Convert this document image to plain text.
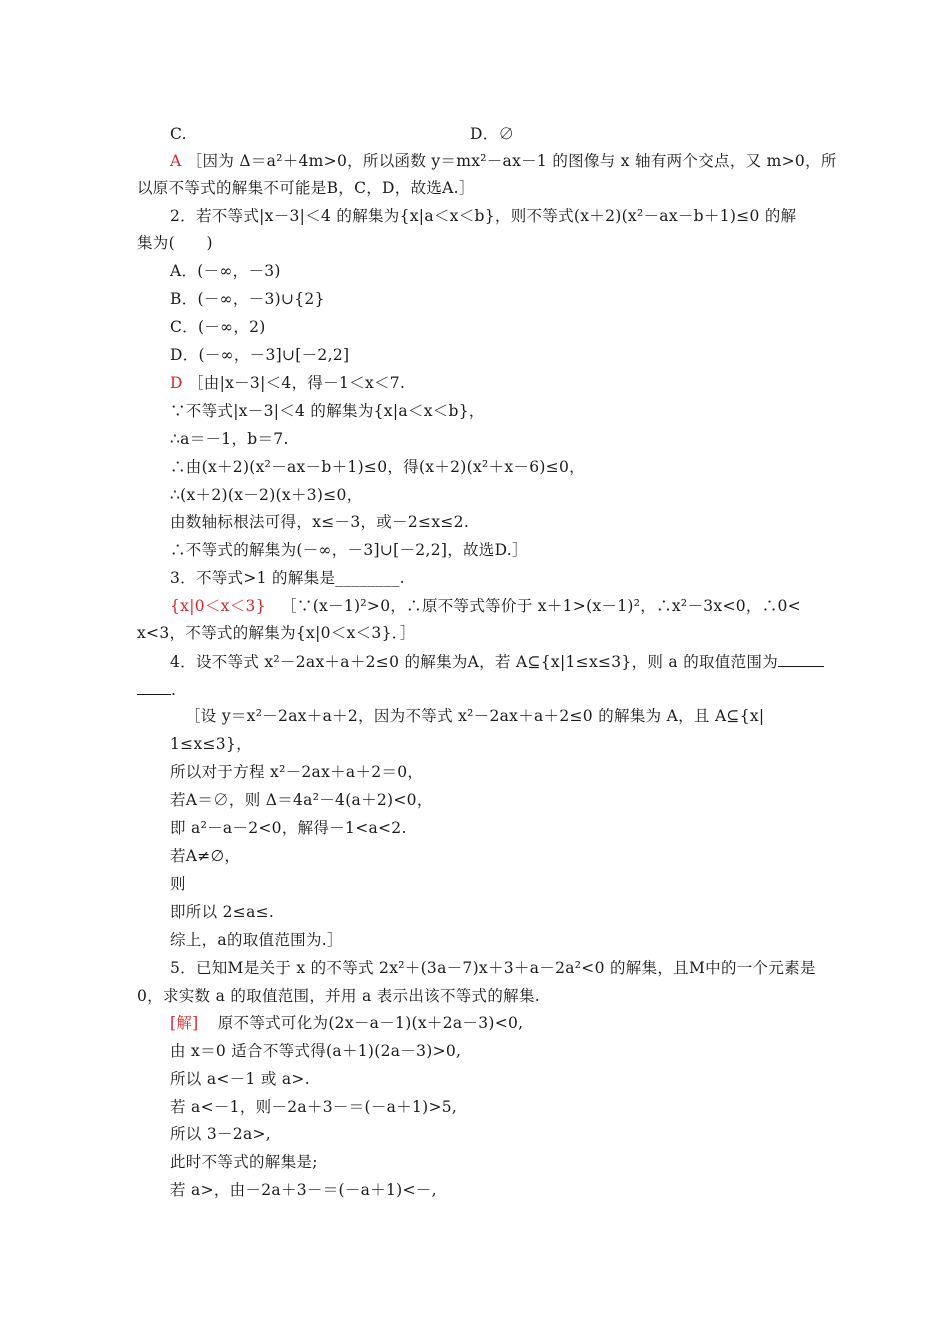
C.	D．∅
A ［因为 Δ＝a²＋4m>0，所以函数 y＝mx²－ax－1 的图像与 x 轴有两个交点，又 m>0，所
以原不等式的解集不可能是B，C，D，故选A.］
2．若不等式|x－3|＜4 的解集为{x|a＜x＜b}，则不等式(x＋2)(x²－ax－b＋1)≤0 的解
集为(　　)
A．(－∞，－3)
B．(－∞，－3)∪{2}
C．(－∞，2)
D．(－∞，－3]∪[－2,2]
D ［由|x－3|＜4，得－1＜x＜7.
∵不等式|x－3|＜4 的解集为{x|a＜x＜b}，
∴a＝－1，b＝7.
∴由(x＋2)(x²－ax－b＋1)≤0，得(x＋2)(x²＋x－6)≤0，
∴(x＋2)(x－2)(x＋3)≤0，
由数轴标根法可得，x≤－3，或－2≤x≤2.
∴不等式的解集为(－∞，－3]∪[－2,2]，故选D.］
3．不等式>1 的解集是________.
{x|0＜x＜3} ［∵(x－1)²>0，∴原不等式等价于 x＋1>(x－1)²，∴x²－3x<0，∴0<
x<3，不等式的解集为{x|0＜x＜3}．］
4．设不等式 x²－2ax＋a＋2≤0 的解集为A，若 A⊆{x|1≤x≤3}，则 a 的取值范围为
.
［设 y＝x²－2ax＋a＋2，因为不等式 x²－2ax＋a＋2≤0 的解集为 A，且 A⊆{x|
1≤x≤3}，
所以对于方程 x²－2ax＋a＋2＝0，
若A＝∅，则 Δ＝4a²－4(a＋2)<0，
即 a²－a－2<0，解得－1<a<2.
若A≠∅，
则
即所以 2≤a≤.
综上，a的取值范围为.］
5．已知M是关于 x 的不等式 2x²＋(3a－7)x＋3＋a－2a²<0 的解集，且M中的一个元素是
0，求实数 a 的取值范围，并用 a 表示出该不等式的解集.
[解] 原不等式可化为(2x－a－1)(x＋2a－3)<0,
由 x＝0 适合不等式得(a＋1)(2a－3)>0,
所以 a<－1 或 a>.
若 a<－1，则－2a＋3－＝(－a＋1)>5,
所以 3－2a>,
此时不等式的解集是;
若 a>，由－2a＋3－＝(－a＋1)<－,
